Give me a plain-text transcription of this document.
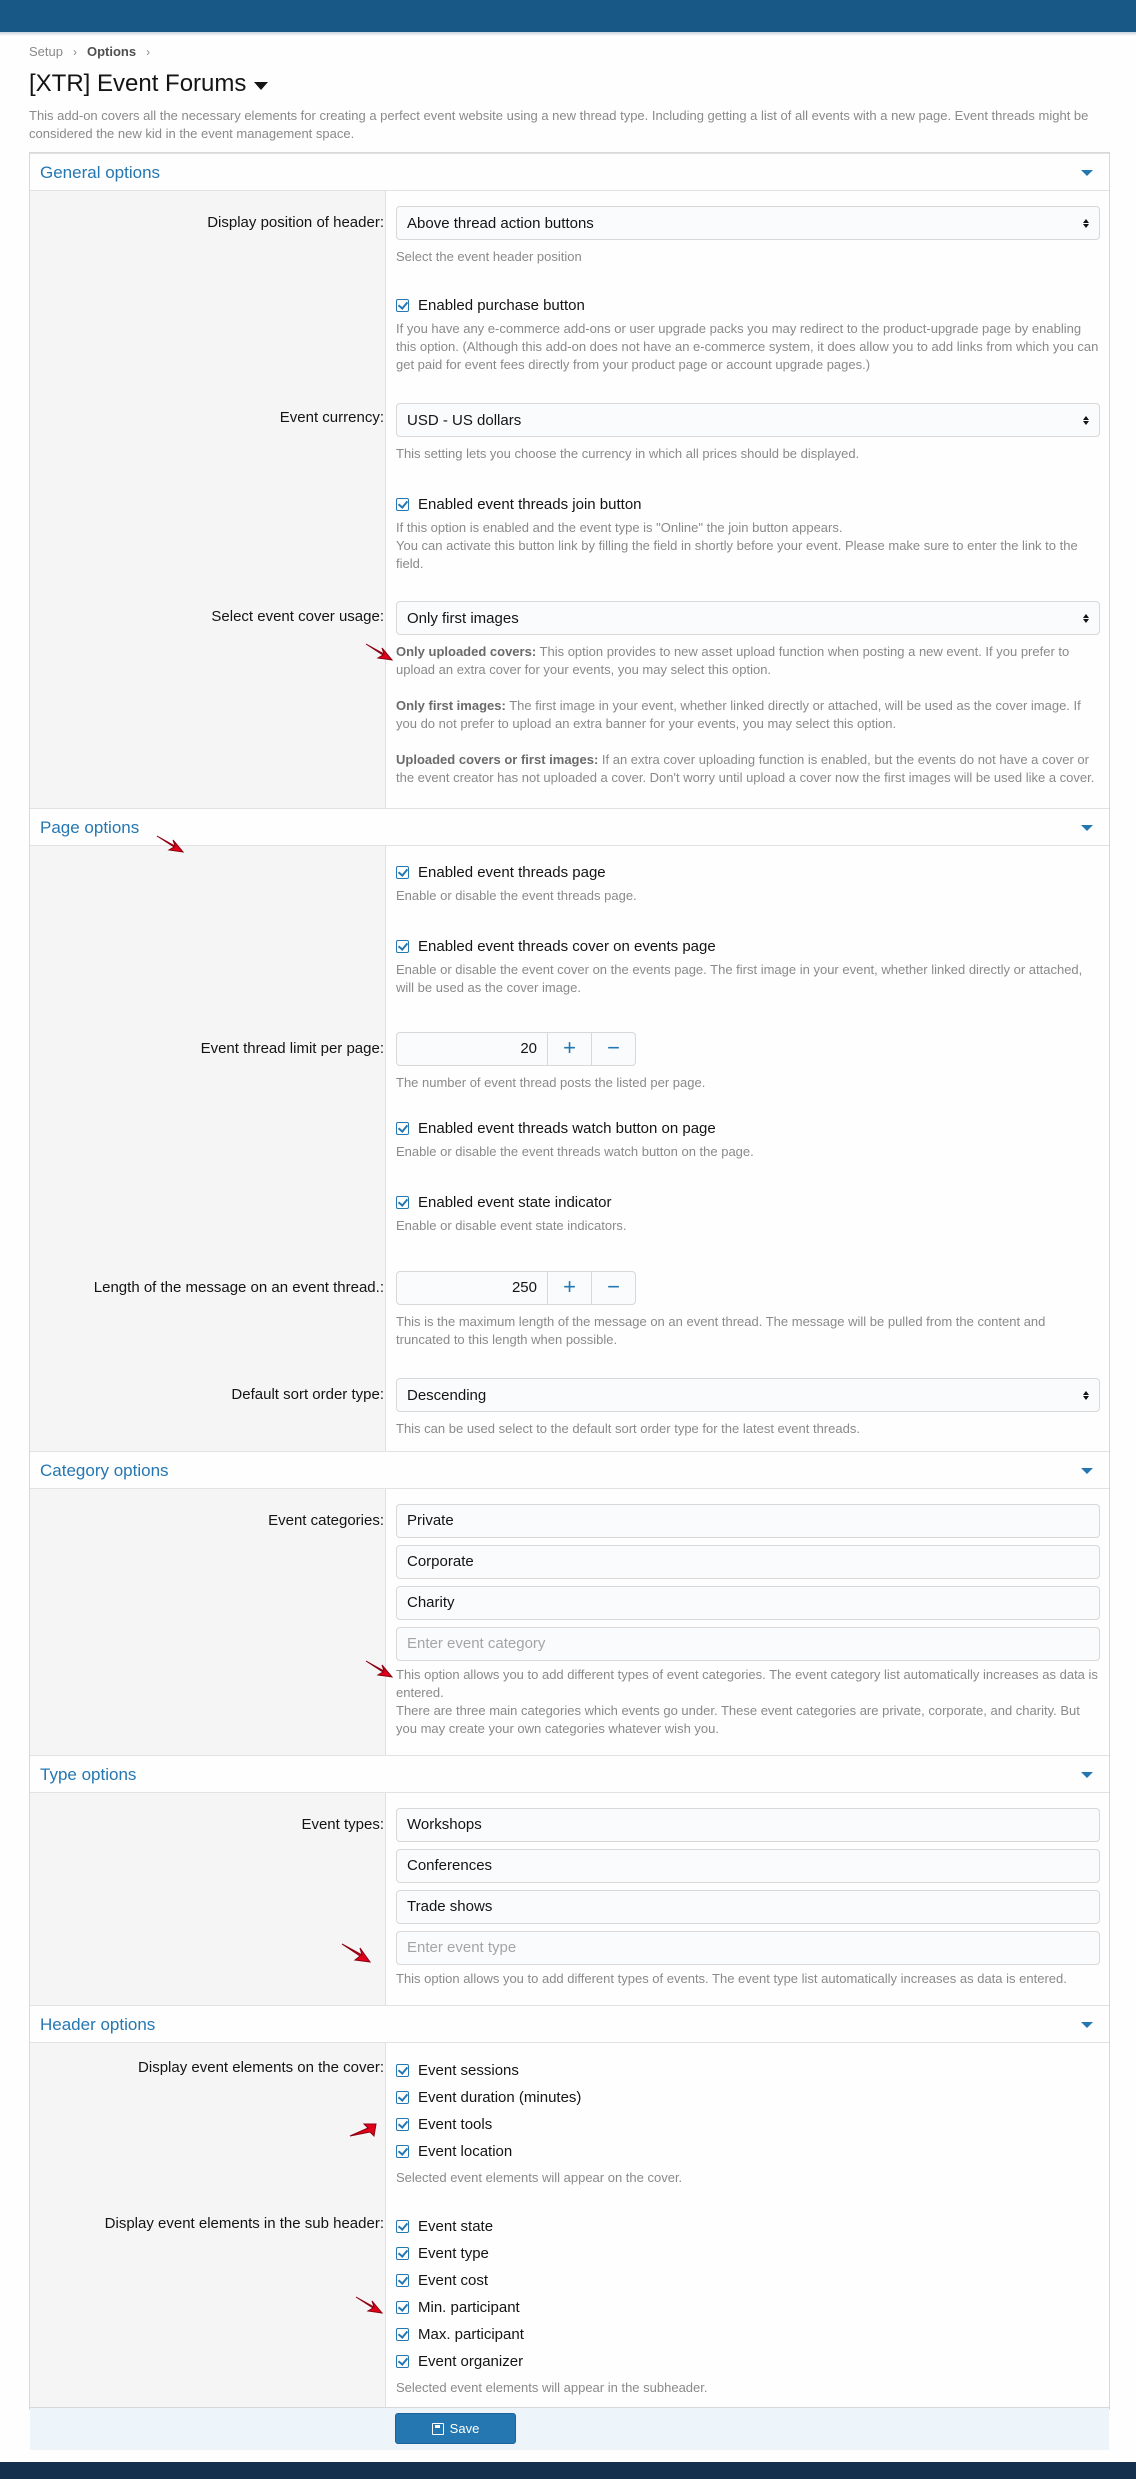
Setup › Options ›
[XTR] Event Forums
This add-on covers all the necessary elements for creating a perfect event website using a new thread type. Including getting a list of all events with a new page. Event threads might be considered the new kid in the event management space.
General options
Display position of header: Above thread action buttons
Select the event header position
Enabled purchase button
If you have any e-commerce add-ons or user upgrade packs you may redirect to the product-upgrade page by enabling this option. (Although this add-on does not have an e-commerce system, it does allow you to add links from which you can get paid for event fees directly from your product page or account upgrade pages.)
Event currency: USD - US dollars
This setting lets you choose the currency in which all prices should be displayed.
Enabled event threads join button
If this option is enabled and the event type is "Online" the join button appears.
You can activate this button link by filling the field in shortly before your event. Please make sure to enter the link to the field.
Select event cover usage: Only first images
Only uploaded covers: This option provides to new asset upload function when posting a new event. If you prefer to upload an extra cover for your events, you may select this option.
Only first images: The first image in your event, whether linked directly or attached, will be used as the cover image. If you do not prefer to upload an extra banner for your events, you may select this option.
Uploaded covers or first images: If an extra cover uploading function is enabled, but the events do not have a cover or the event creator has not uploaded a cover. Don't worry until upload a cover now the first images will be used like a cover.
Page options
Enabled event threads page
Enable or disable the event threads page.
Enabled event threads cover on events page
Enable or disable the event cover on the events page. The first image in your event, whether linked directly or attached, will be used as the cover image.
Event thread limit per page:	20	+	−
The number of event thread posts the listed per page.
Enabled event threads watch button on page
Enable or disable the event threads watch button on the page.
Enabled event state indicator
Enable or disable event state indicators.
Length of the message on an event thread.:	250	+	−
This is the maximum length of the message on an event thread. The message will be pulled from the content and truncated to this length when possible.
Default sort order type: Descending
This can be used select to the default sort order type for the latest event threads.
Category options
Event categories:	Private
Corporate
Charity
Enter event category
This option allows you to add different types of event categories. The event category list automatically increases as data is entered.
There are three main categories which events go under. These event categories are private, corporate, and charity. But you may create your own categories whatever wish you.
Type options
Event types:	Workshops
Conferences
Trade shows
Enter event type
This option allows you to add different types of events. The event type list automatically increases as data is entered.
Header options
Display event elements on the cover: Event sessions
Event duration (minutes)
Event tools
Event location
Selected event elements will appear on the cover.
Display event elements in the sub header: Event state
Event type
Event cost
Min. participant
Max. participant
Event organizer
Selected event elements will appear in the subheader.
Save
